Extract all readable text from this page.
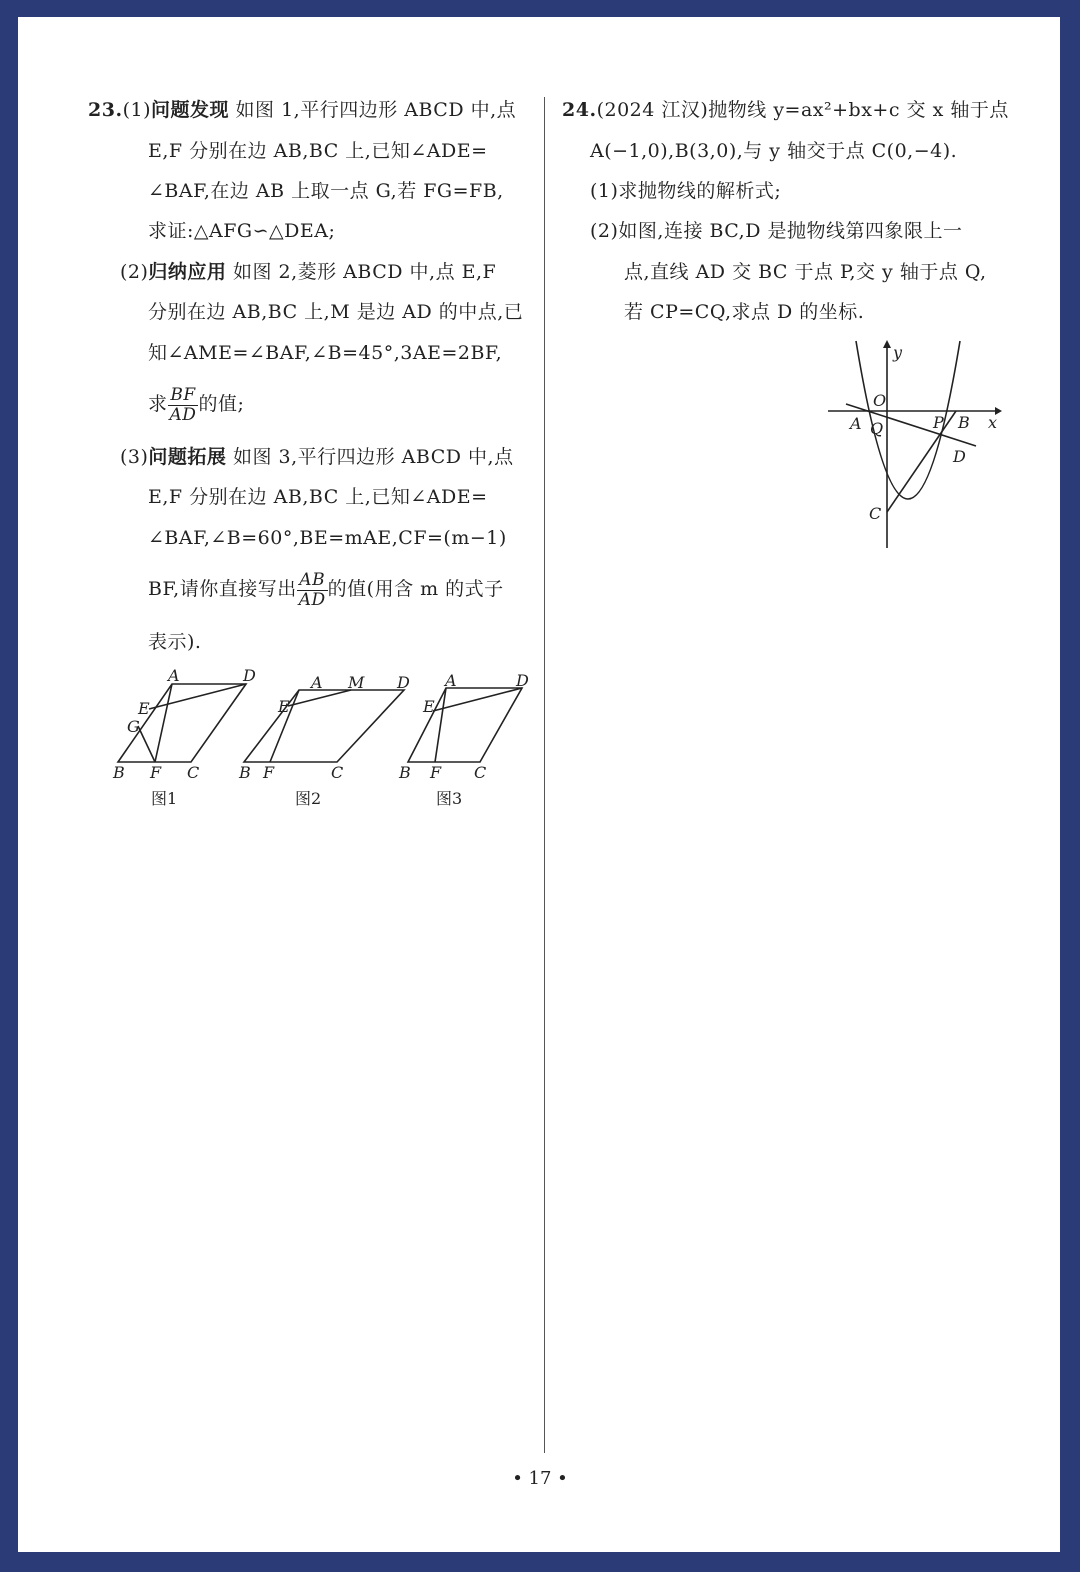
23.(1)问题发现 如图 1,平行四边形 ABCD 中,点
E,F 分别在边 AB,BC 上,已知∠ADE=
∠BAF,在边 AB 上取一点 G,若 FG=FB,
求证:△AFG∽△DEA;
(2)归纳应用 如图 2,菱形 ABCD 中,点 E,F
分别在边 AB,BC 上,M 是边 AD 的中点,已
知∠AME=∠BAF,∠B=45°,3AE=2BF,
求 $\frac{BF}{AD}$ 的值;
(3)问题拓展 如图 3,平行四边形 ABCD 中,点
E,F 分别在边 AB,BC 上,已知∠ADE=
∠BAF,∠B=60°,BE=mAE,CF=(m−1)
BF,请你直接写出 $\frac{AB}{AD}$ 的值(用含 m 的式子
表示).
A	D
E
G
B F C
A M D
E
B F	C
A	D
E
B F C
图1	图2	图3
24.(2024 江汉)抛物线 y=ax²+bx+c 交 x 轴于点
A(−1,0),B(3,0),与 y 轴交于点 C(0,−4).
(1)求抛物线的解析式;
(2)如图,连接 BC,D 是抛物线第四象限上一
点,直线 AD 交 BC 于点 P,交 y 轴于点 Q,
若 CP=CQ,求点 D 的坐标.
y
x
O
A Q	P B
D
C
• 17 •
